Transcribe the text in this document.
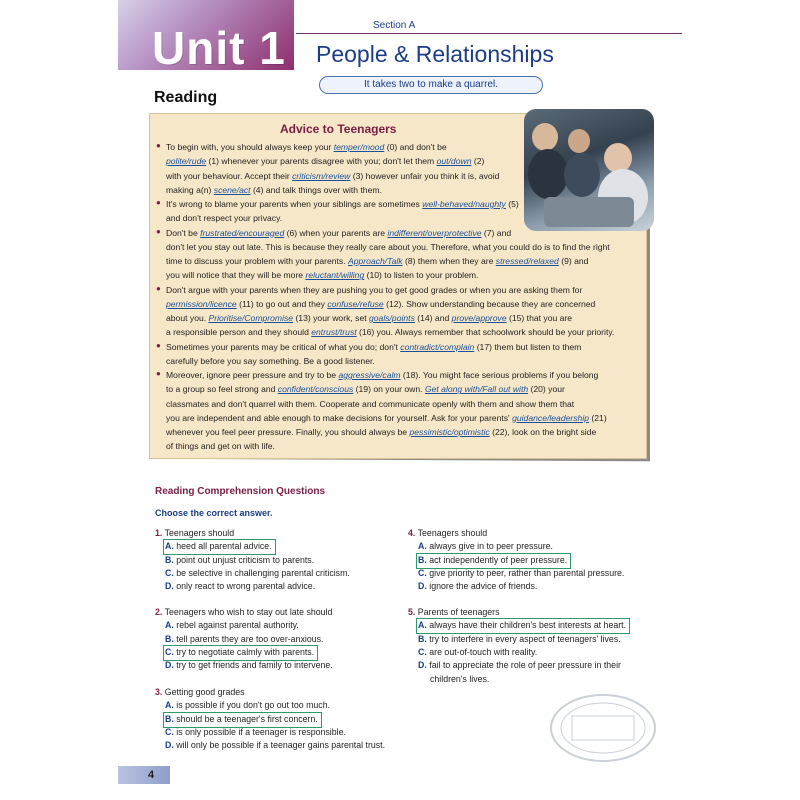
Unit 1	Section A
People & Relationships
It takes two to make a quarrel.
Reading
Advice to Teenagers
● To begin with, you should always keep your temper/mood (0) and don't be
polite/rude (1) whenever your parents disagree with you; don't let them out/down (2)
with your behaviour. Accept their criticism/review (3) however unfair you think it is, avoid
making a(n) scene/act (4) and talk things over with them.
● It's wrong to blame your parents when your siblings are sometimes well-behaved/naughty (5)
and don't respect your privacy.
● Don't be frustrated/encouraged (6) when your parents are indifferent/overprotective (7) and
don't let you stay out late. This is because they really care about you. Therefore, what you could do is to find the right
time to discuss your problem with your parents. Approach/Talk (8) them when they are stressed/relaxed (9) and
you will notice that they will be more reluctant/willing (10) to listen to your problem.
● Don't argue with your parents when they are pushing you to get good grades or when you are asking them for
permission/licence (11) to go out and they confuse/refuse (12). Show understanding because they are concerned
about you. Prioritise/Compromise (13) your work, set goals/points (14) and prove/approve (15) that you are
a responsible person and they should entrust/trust (16) you. Always remember that schoolwork should be your priority.
● Sometimes your parents may be critical of what you do; don't contradict/complain (17) them but listen to them
carefully before you say something. Be a good listener.
● Moreover, ignore peer pressure and try to be aggressive/calm (18). You might face serious problems if you belong
to a group so feel strong and confident/conscious (19) on your own. Get along with/Fall out with (20) your
classmates and don't quarrel with them. Cooperate and communicate openly with them and show them that
you are independent and able enough to make decisions for yourself. Ask for your parents' guidance/leadership (21)
whenever you feel peer pressure. Finally, you should always be pessimistic/optimistic (22), look on the bright side
of things and get on with life.
Reading Comprehension Questions
Choose the correct answer.
1. Teenagers should
A. heed all parental advice.
B. point out unjust criticism to parents.
C. be selective in challenging parental criticism.
D. only react to wrong parental advice.
2. Teenagers who wish to stay out late should
A. rebel against parental authority.
B. tell parents they are too over-anxious.
C. try to negotiate calmly with parents.
D. try to get friends and family to intervene.
3. Getting good grades
A. is possible if you don't go out too much.
B. should be a teenager's first concern.
C. is only possible if a teenager is responsible.
D. will only be possible if a teenager gains parental trust.
4. Teenagers should
A. always give in to peer pressure.
B. act independently of peer pressure.
C. give priority to peer, rather than parental pressure.
D. ignore the advice of friends.
5. Parents of teenagers
A. always have their children's best interests at heart.
B. try to interfere in every aspect of teenagers' lives.
C. are out-of-touch with reality.
D. fail to appreciate the role of peer pressure in their
children's lives.
4
